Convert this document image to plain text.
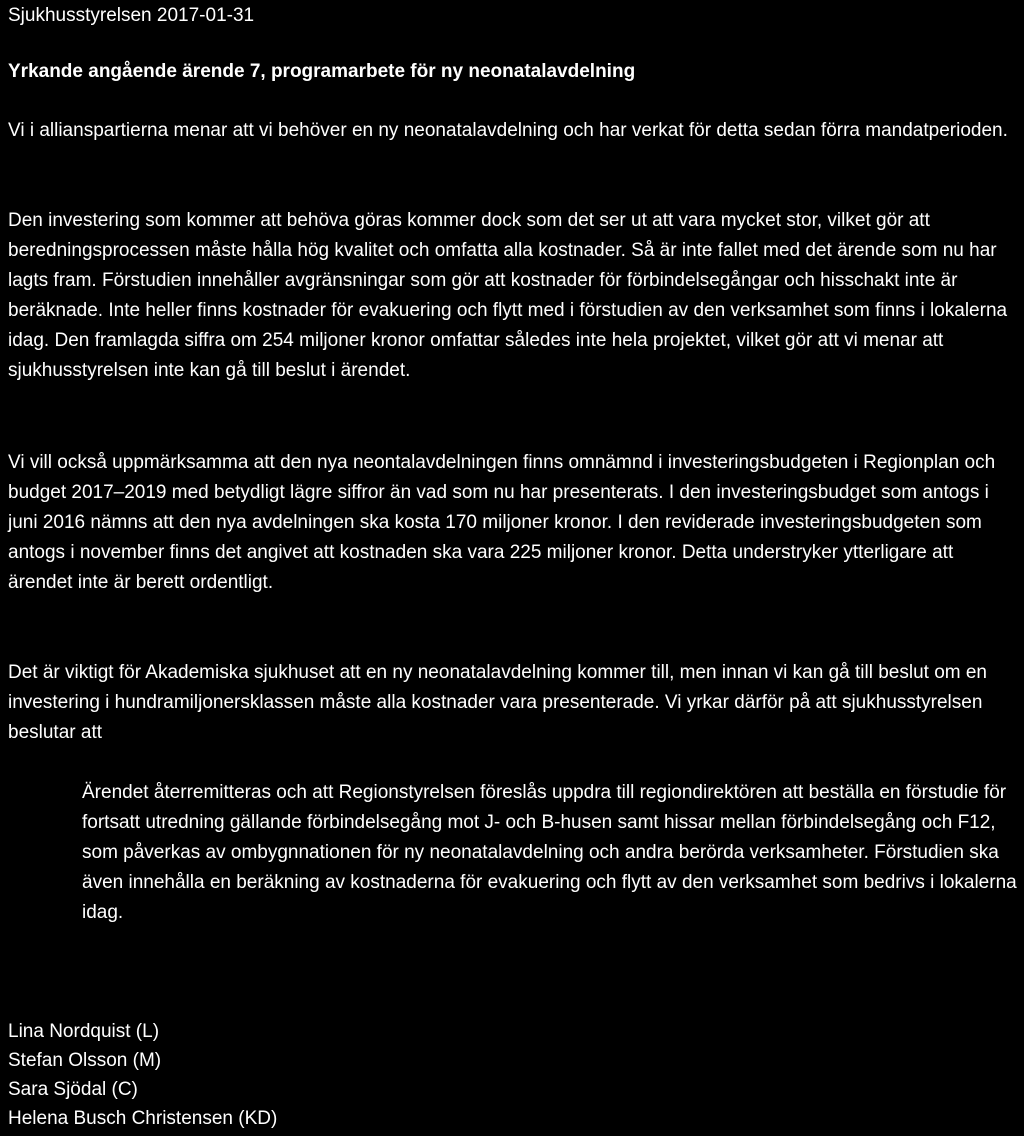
Sjukhusstyrelsen 2017-01-31
Yrkande angående ärende 7, programarbete för ny neonatalavdelning

Vi i allianspartierna menar att vi behöver en ny neonatalavdelning och har verkat för detta sedan förra mandatperioden.

Den investering som kommer att behöva göras kommer dock som det ser ut att vara mycket stor, vilket gör att beredningsprocessen måste hålla hög kvalitet och omfatta alla kostnader. Så är inte fallet med det ärende som nu har lagts fram. Förstudien innehåller avgränsningar som gör att kostnader för förbindelsegångar och hisschakt inte är beräknade. Inte heller finns kostnader för evakuering och flytt med i förstudien av den verksamhet som finns i lokalerna idag. Den framlagda siffra om 254 miljoner kronor omfattar således inte hela projektet, vilket gör att vi menar att sjukhusstyrelsen inte kan gå till beslut i ärendet.

Vi vill också uppmärksamma att den nya neontalavdelningen finns omnämnd i investeringsbudgeten i Regionplan och budget 2017–2019 med betydligt lägre siffror än vad som nu har presenterats. I den investeringsbudget som antogs i juni 2016 nämns att den nya avdelningen ska kosta 170 miljoner kronor. I den reviderade investeringsbudgeten som antogs i november finns det angivet att kostnaden ska vara 225 miljoner kronor. Detta understryker ytterligare att ärendet inte är berett ordentligt.

Det är viktigt för Akademiska sjukhuset att en ny neonatalavdelning kommer till, men innan vi kan gå till beslut om en investering i hundramiljonersklassen måste alla kostnader vara presenterade. Vi yrkar därför på att sjukhusstyrelsen beslutar att

Ärendet återremitteras och att Regionstyrelsen föreslås uppdra till regiondirektören att beställa en förstudie för fortsatt utredning gällande förbindelsegång mot J- och B-husen samt hissar mellan förbindelsegång och F12, som påverkas av ombygnnationen för ny neonatalavdelning och andra berörda verksamheter. Förstudien ska även innehålla en beräkning av kostnaderna för evakuering och flytt av den verksamhet som bedrivs i lokalerna idag.

Lina Nordquist (L)
Stefan Olsson (M)
Sara Sjödal (C)
Helena Busch Christensen (KD)
